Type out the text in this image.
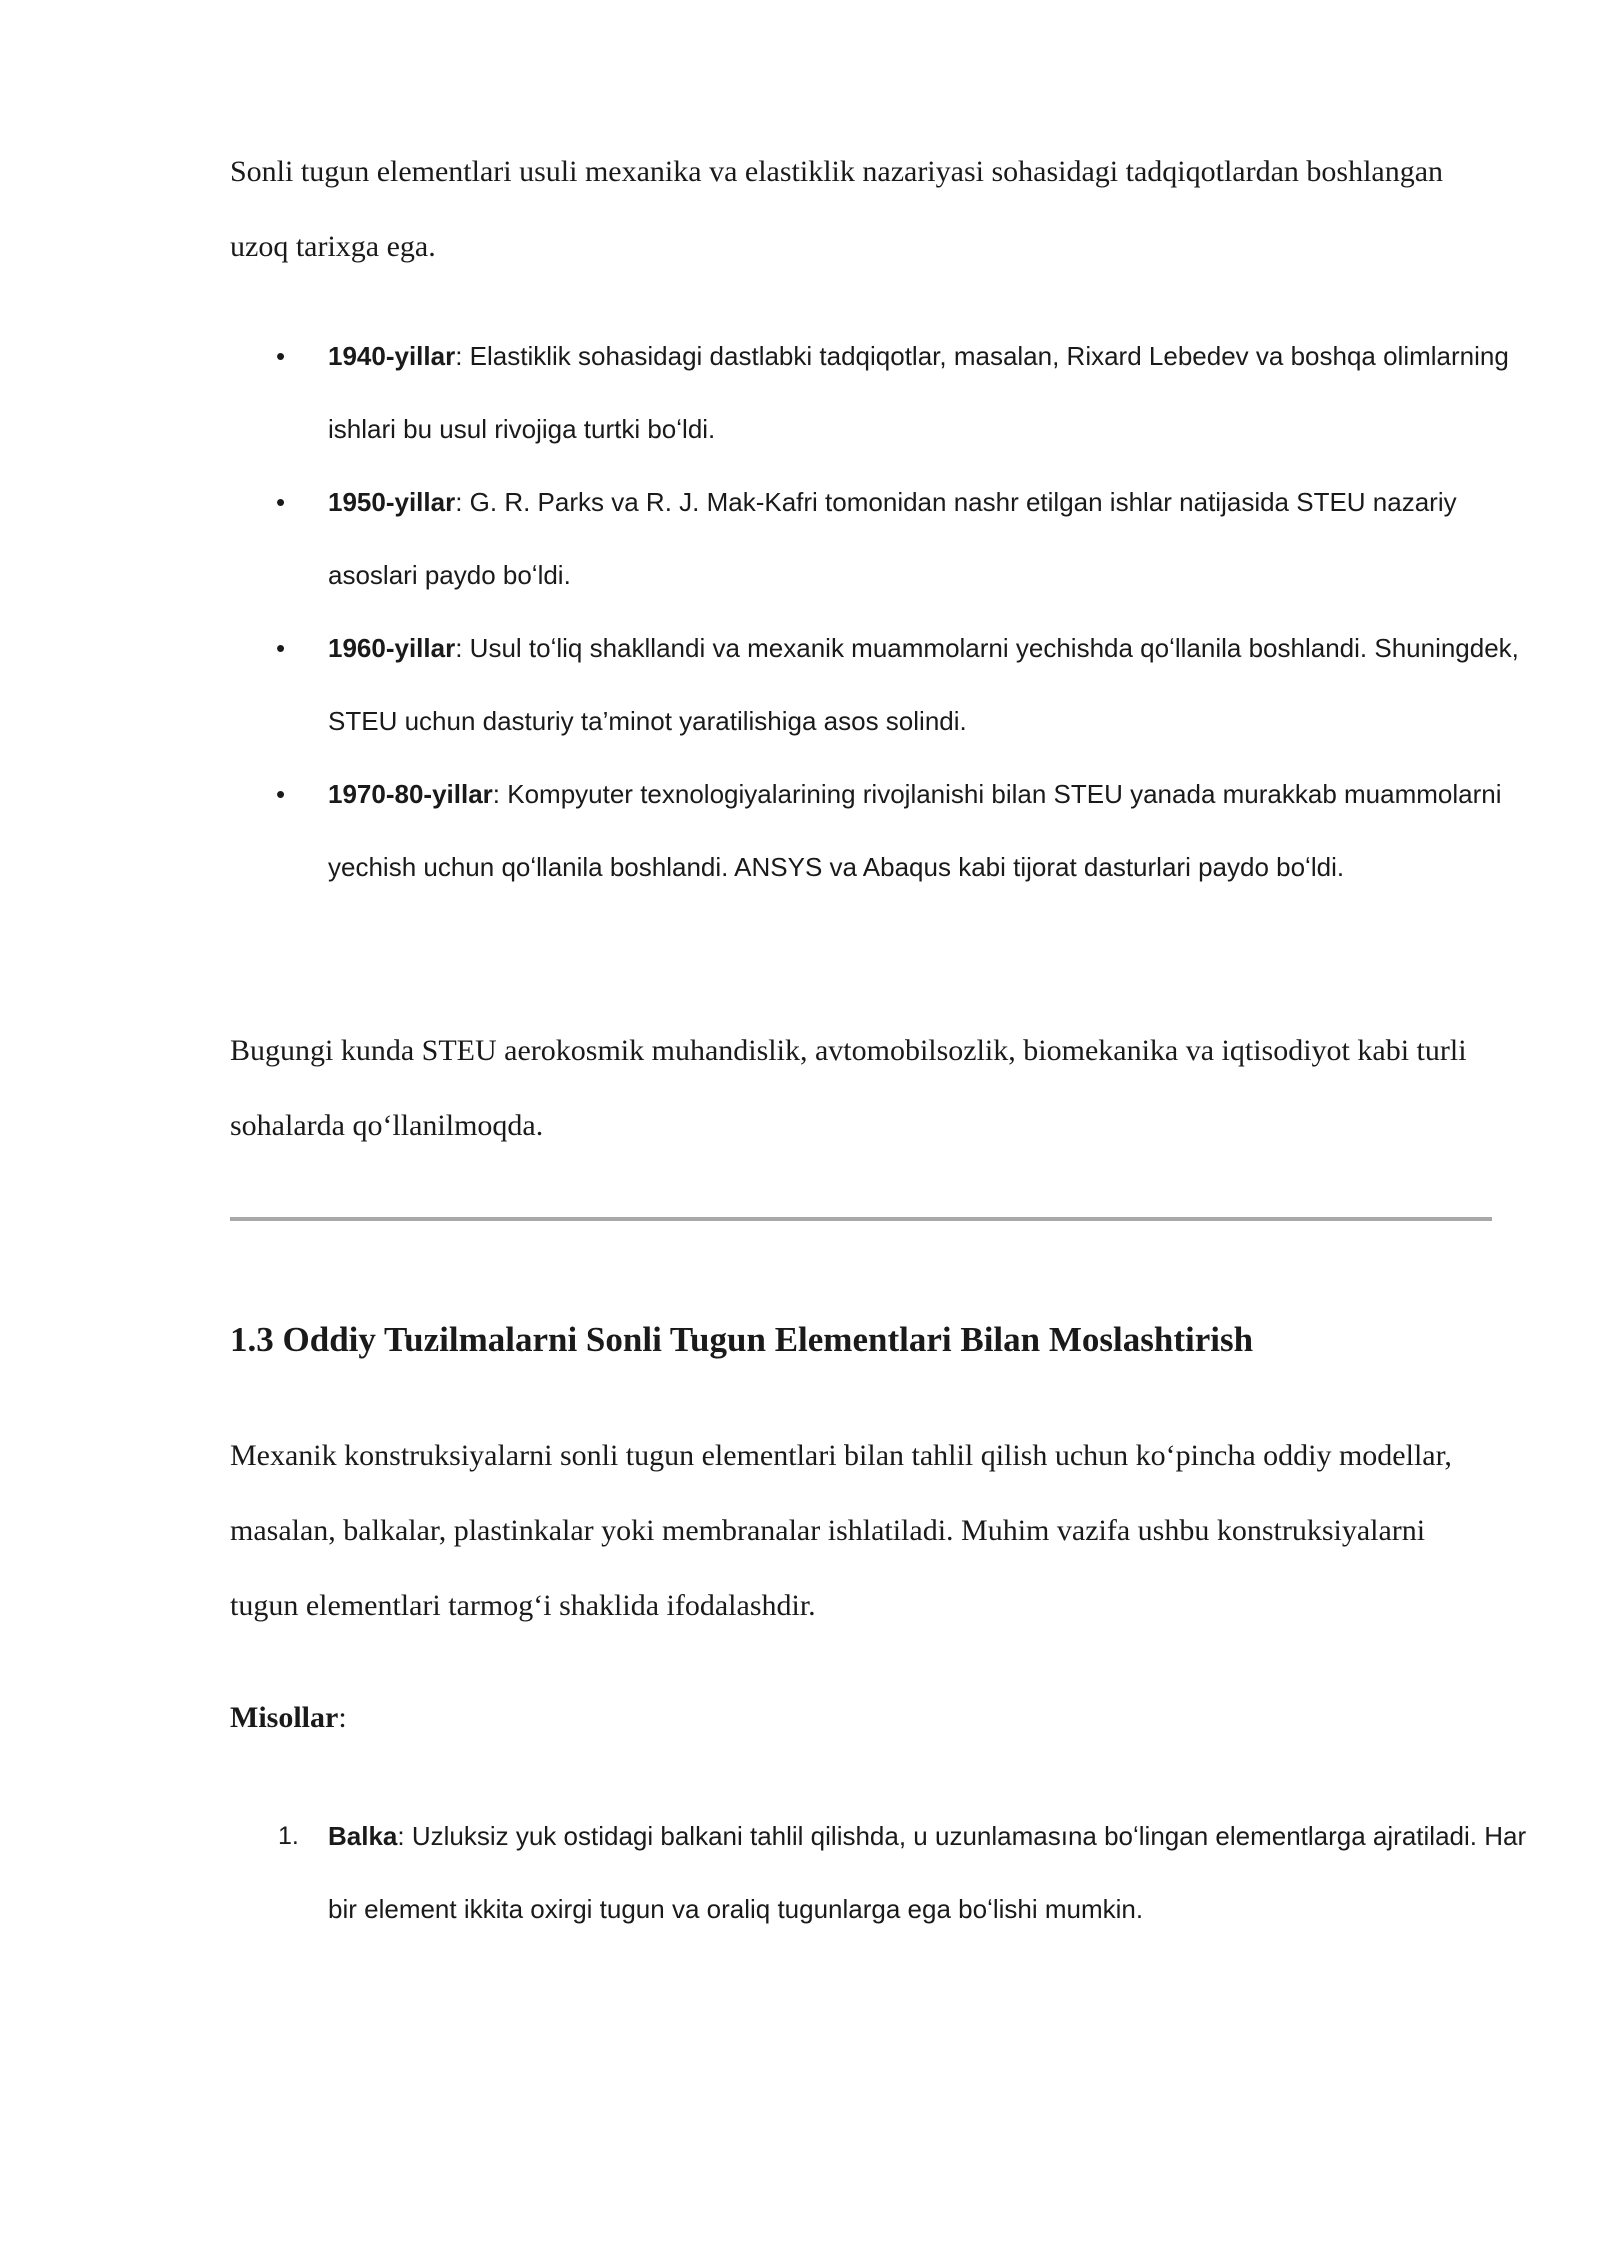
Sonli tugun elementlari usuli mexanika va elastiklik nazariyasi sohasidagi tadqiqotlardan boshlangan uzoq tarixga ega.

• 1940-yillar: Elastiklik sohasidagi dastlabki tadqiqotlar, masalan, Rixard Lebedev va boshqa olimlarning ishlari bu usul rivojiga turtki boʻldi.
• 1950-yillar: G. R. Parks va R. J. Mak-Kafri tomonidan nashr etilgan ishlar natijasida STEU nazariy asoslari paydo boʻldi.
• 1960-yillar: Usul toʻliq shakllandi va mexanik muammolarni yechishda qoʻllanila boshlandi. Shuningdek, STEU uchun dasturiy ta’minot yaratilishiga asos solindi.
• 1970-80-yillar: Kompyuter texnologiyalarining rivojlanishi bilan STEU yanada murakkab muammolarni yechish uchun qoʻllanila boshlandi. ANSYS va Abaqus kabi tijorat dasturlari paydo boʻldi.

Bugungi kunda STEU aerokosmik muhandislik, avtomobilsozlik, biomekanika va iqtisodiyot kabi turli sohalarda qoʻllanilmoqda.

1.3 Oddiy Tuzilmalarni Sonli Tugun Elementlari Bilan Moslashtirish

Mexanik konstruksiyalarni sonli tugun elementlari bilan tahlil qilish uchun koʻpincha oddiy modellar, masalan, balkalar, plastinkalar yoki membranalar ishlatiladi. Muhim vazifa ushbu konstruksiyalarni tugun elementlari tarmogʻi shaklida ifodalashdir.

Misollar:

1. Balka: Uzluksiz yuk ostidagi balkani tahlil qilishda, u uzunlamasına boʻlingan elementlarga ajratiladi. Har bir element ikkita oxirgi tugun va oraliq tugunlarga ega boʻlishi mumkin.
